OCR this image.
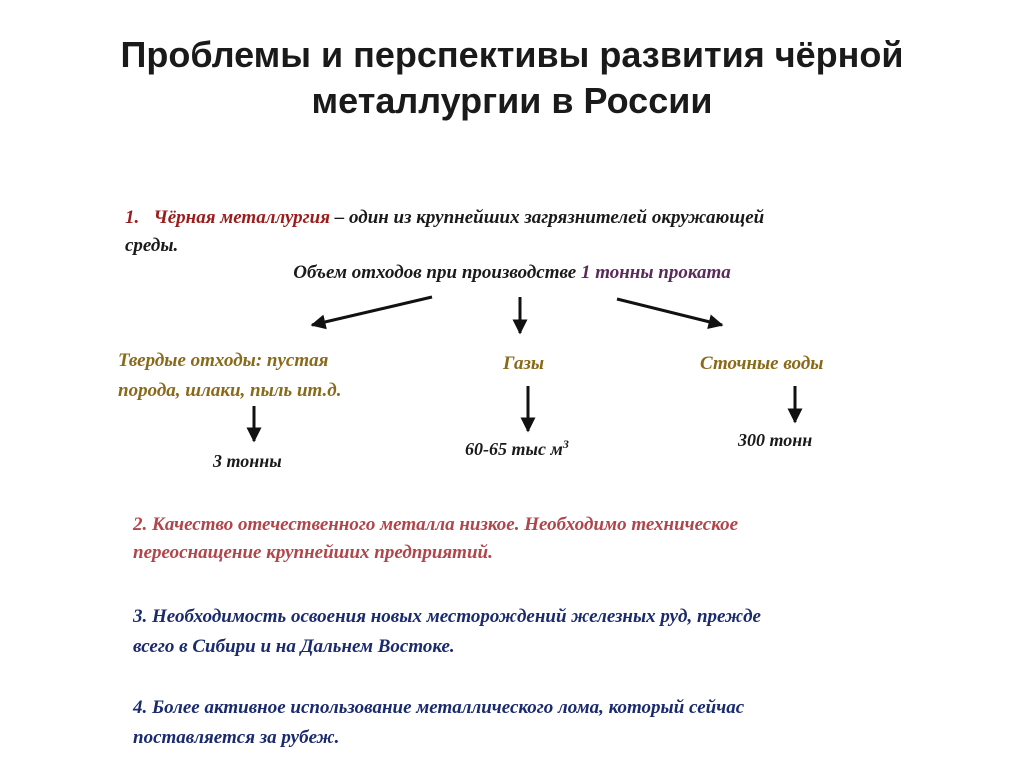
Проблемы и перспективы развития чёрной
металлургии в России
1. Чёрная металлургия – один из крупнейших загрязнителей окружающей
среды.
Объем отходов при производстве 1 тонны проката
Твердые отходы: пустая
порода, шлаки, пыль ит.д.
Газы	Сточные воды
3 тонны
60-65 тыс $м^3$	300 тонн
2. Качество отечественного металла низкое. Необходимо техническое
переоснащение крупнейших предприятий.
3. Необходимость освоения новых месторождений железных руд, прежде
всего в Сибири и на Дальнем Востоке.
4. Более активное использование металлического лома, который сейчас
поставляется за рубеж.
